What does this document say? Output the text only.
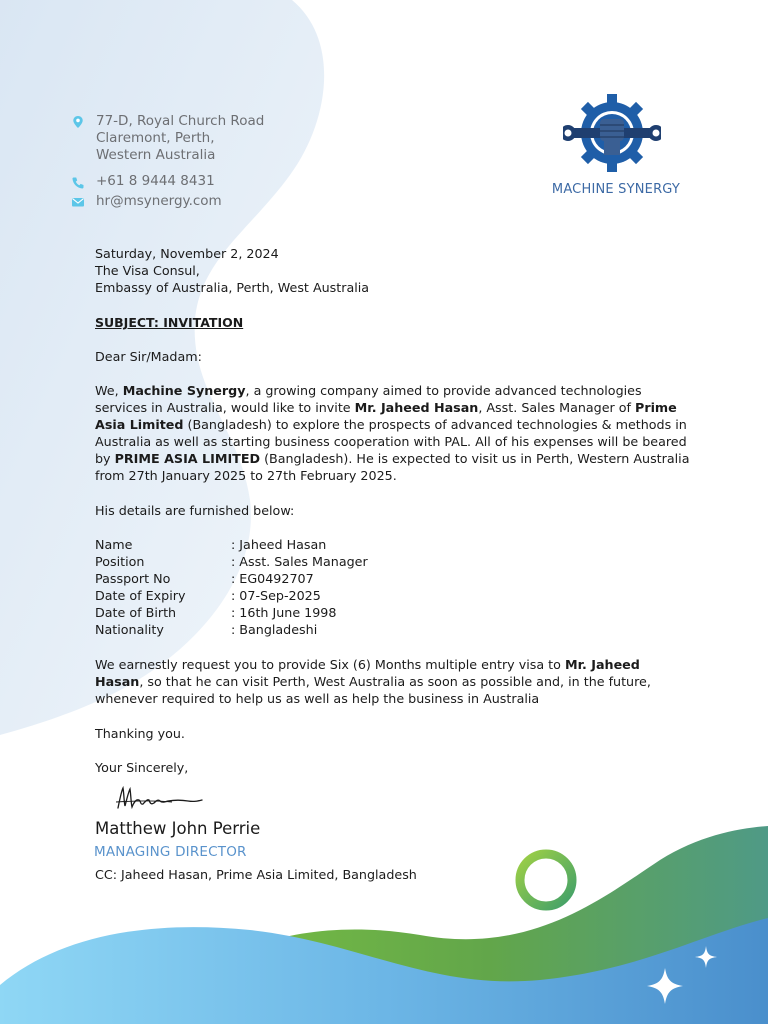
77-D, Royal Church Road
Claremont, Perth,
Western Australia
+61 8 9444 8431
hr@msynergy.com
MACHINE SYNERGY
Saturday, November 2, 2024
The Visa Consul,
Embassy of Australia, Perth, West Australia
SUBJECT: INVITATION
Dear Sir/Madam:
We, Machine Synergy, a growing company aimed to provide advanced technologies services in Australia, would like to invite Mr. Jaheed Hasan, Asst. Sales Manager of Prime Asia Limited (Bangladesh) to explore the prospects of advanced technologies & methods in Australia as well as starting business cooperation with PAL. All of his expenses will be beared by PRIME ASIA LIMITED (Bangladesh). He is expected to visit us in Perth, Western Australia from 27th January 2025 to 27th February 2025.
His details are furnished below:
Name	: Jaheed Hasan
Position	: Asst. Sales Manager
Passport No	: EG0492707
Date of Expiry	: 07-Sep-2025
Date of Birth	: 16th June 1998
Nationality	: Bangladeshi
We earnestly request you to provide Six (6) Months multiple entry visa to Mr. Jaheed Hasan, so that he can visit Perth, West Australia as soon as possible and, in the future, whenever required to help us as well as help the business in Australia
Thanking you.
Your Sincerely,
Matthew John Perrie
MANAGING DIRECTOR
CC: Jaheed Hasan, Prime Asia Limited, Bangladesh
